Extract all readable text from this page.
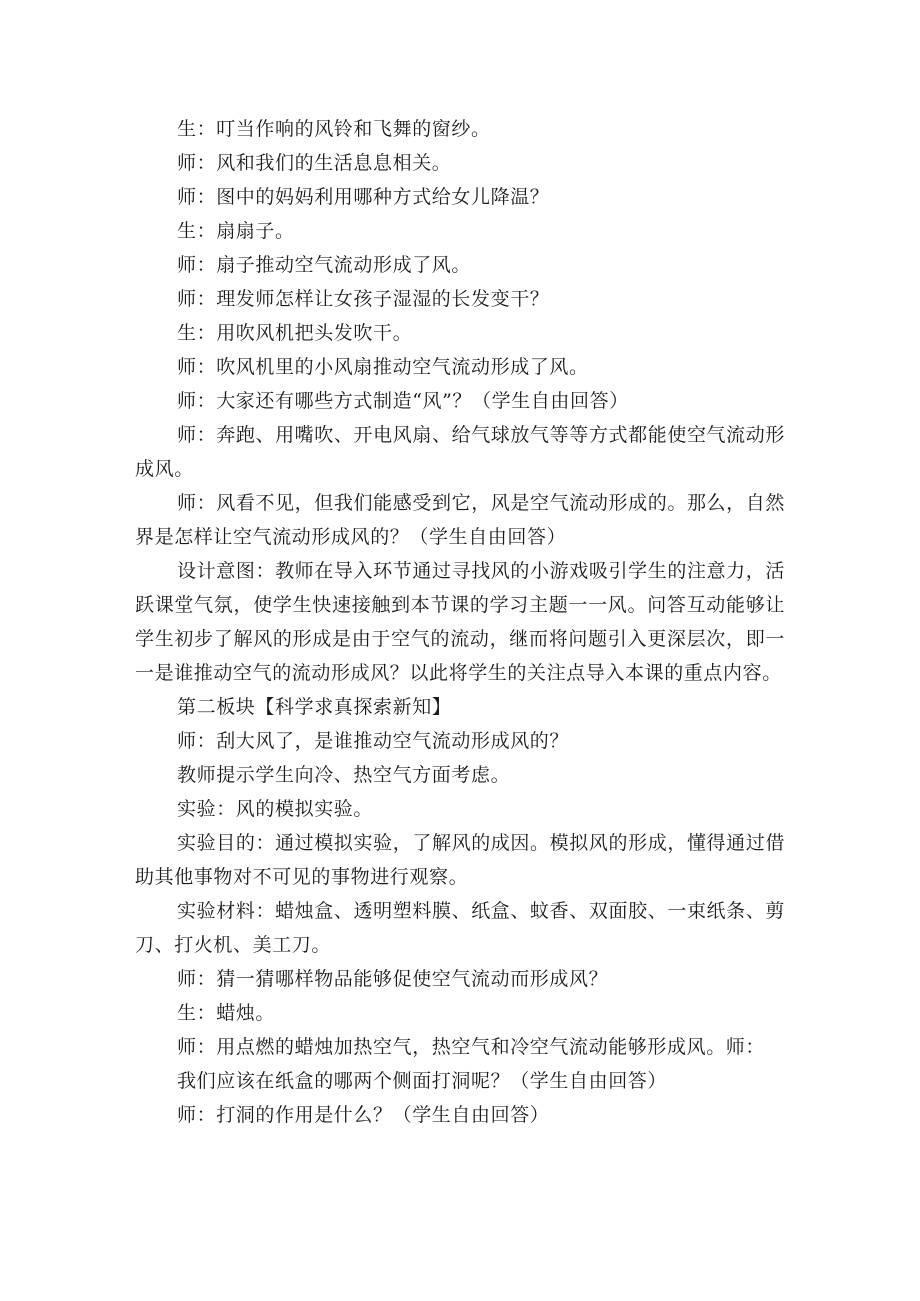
生：叮当作响的风铃和飞舞的窗纱。

师：风和我们的生活息息相关。

师：图中的妈妈利用哪种方式给女儿降温？

生：扇扇子。

师：扇子推动空气流动形成了风。

师：理发师怎样让女孩子湿湿的长发变干？

生：用吹风机把头发吹干。

师：吹风机里的小风扇推动空气流动形成了风。

师：大家还有哪些方式制造“风”？（学生自由回答）

师：奔跑、用嘴吹、开电风扇、给气球放气等等方式都能使空气流动形成风。

师：风看不见，但我们能感受到它，风是空气流动形成的。那么，自然界是怎样让空气流动形成风的？（学生自由回答）

设计意图：教师在导入环节通过寻找风的小游戏吸引学生的注意力，活跃课堂气氛，使学生快速接触到本节课的学习主题一一风。问答互动能够让学生初步了解风的形成是由于空气的流动，继而将问题引入更深层次，即一一是谁推动空气的流动形成风？以此将学生的关注点导入本课的重点内容。

第二板块【科学求真探索新知】

师：刮大风了，是谁推动空气流动形成风的？

教师提示学生向冷、热空气方面考虑。

实验：风的模拟实验。

实验目的：通过模拟实验，了解风的成因。模拟风的形成，懂得通过借助其他事物对不可见的事物进行观察。

实验材料：蜡烛盒、透明塑料膜、纸盒、蚊香、双面胶、一束纸条、剪刀、打火机、美工刀。

师：猜一猜哪样物品能够促使空气流动而形成风？

生：蜡烛。

师：用点燃的蜡烛加热空气，热空气和冷空气流动能够形成风。师：

我们应该在纸盒的哪两个侧面打洞呢？（学生自由回答）

师：打洞的作用是什么？（学生自由回答）
